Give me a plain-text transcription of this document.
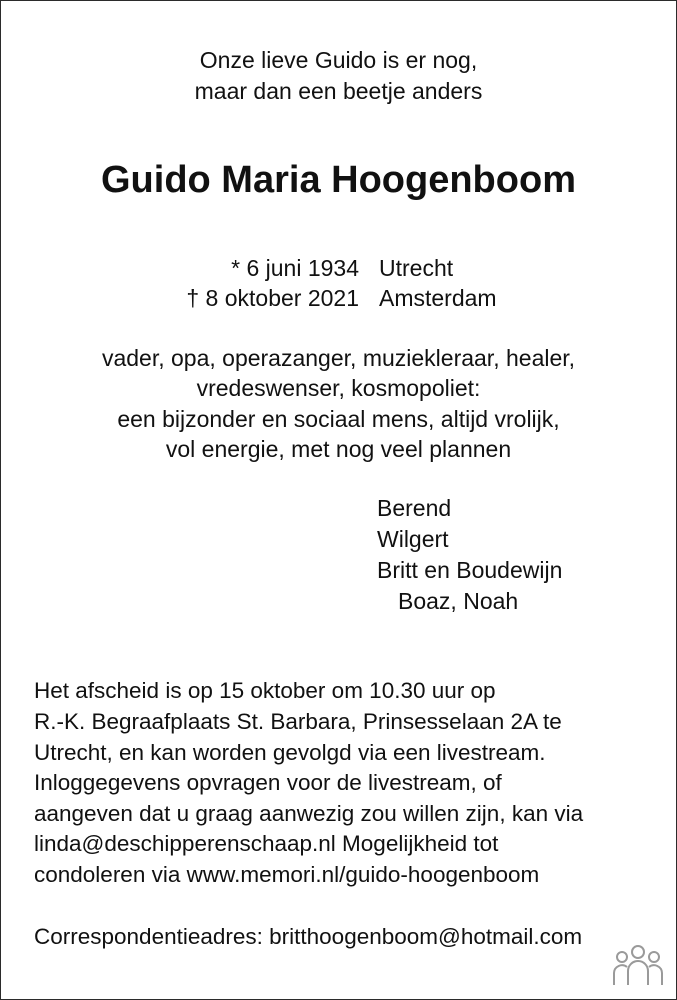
Onze lieve Guido is er nog,
maar dan een beetje anders
Guido Maria Hoogenboom
* 6 juni 1934 Utrecht
† 8 oktober 2021 Amsterdam
vader, opa, operazanger, muziekleraar, healer,
vredeswenser, kosmopoliet:
een bijzonder en sociaal mens, altijd vrolijk,
vol energie, met nog veel plannen
Berend
Wilgert
Britt en Boudewijn
Boaz, Noah
Het afscheid is op 15 oktober om 10.30 uur op
R.-K. Begraafplaats St. Barbara, Prinsesselaan 2A te
Utrecht, en kan worden gevolgd via een livestream.
Inloggegevens opvragen voor de livestream, of
aangeven dat u graag aanwezig zou willen zijn, kan via
linda@deschipperenschaap.nl Mogelijkheid tot
condoleren via www.memori.nl/guido-hoogenboom
Correspondentieadres: britthoogenboom@hotmail.com
